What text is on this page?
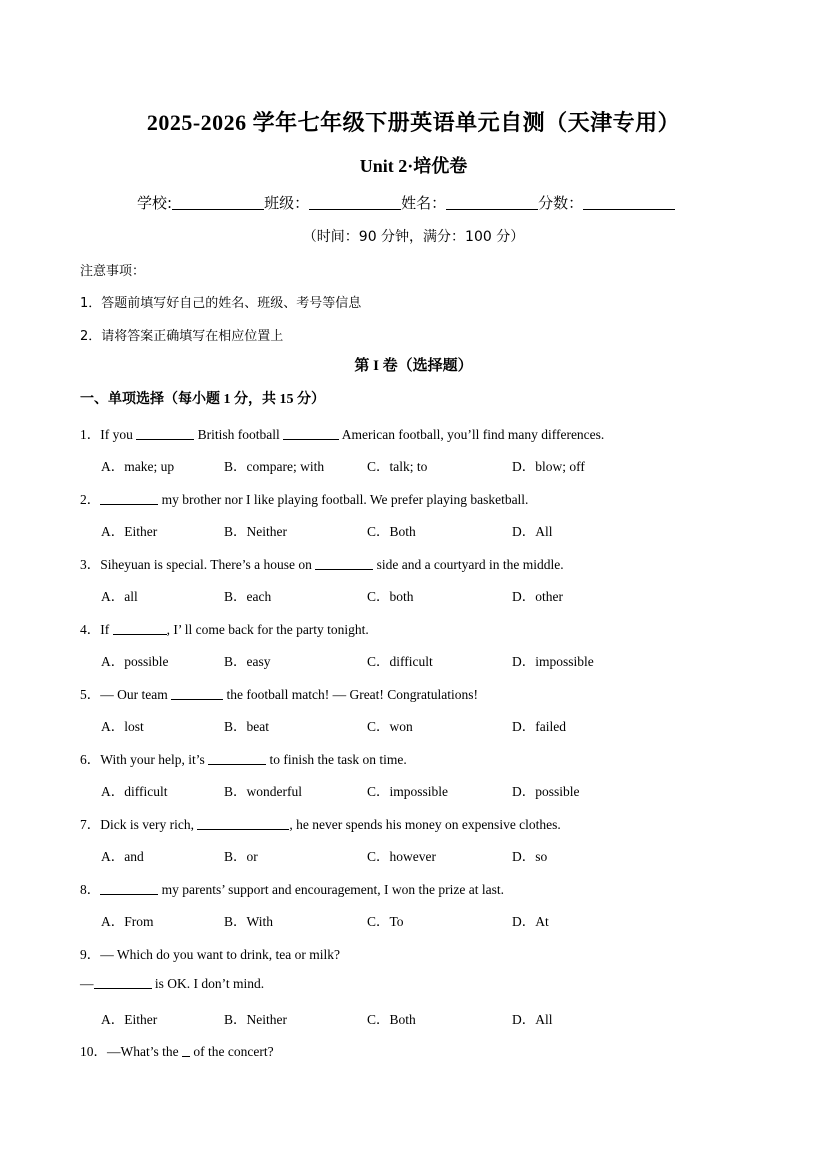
2025-2026 学年七年级下册英语单元自测（天津专用）
Unit 2·培优卷
学校:	班级：	姓名：	分数：
（时间：90 分钟，满分：100 分）
注意事项：
1．答题前填写好自己的姓名、班级、考号等信息
2．请将答案正确填写在相应位置上
第 I 卷（选择题）
一、单项选择（每小题 1 分，共 15 分）
1．If you	British football	American football, you’ll find many differences.
A．make; up	B．compare; with	C．talk; to	D．blow; off
2．	my brother nor I like playing football. We prefer playing basketball.
A．Either	B．Neither	C．Both	D．All
3．Siheyuan is special. There’s a house on	side and a courtyard in the middle.
A．all	B．each	C．both	D．other
4．If	, I’ ll come back for the party tonight.
A．possible	B．easy	C．difficult	D．impossible
5．— Our team	the football match! — Great! Congratulations!
A．lost	B．beat	C．won	D．failed
6．With your help, it’s	to finish the task on time.
A．difficult	B．wonderful	C．impossible	D．possible
7．Dick is very rich,	, he never spends his money on expensive clothes.
A．and	B．or	C．however	D．so
8．	my parents’ support and encouragement, I won the prize at last.
A．From	B．With	C．To	D．At
9．— Which do you want to drink, tea or milk?
—	is OK. I don’t mind.
A．Either	B．Neither	C．Both	D．All
10．—What’s the  of the concert?
